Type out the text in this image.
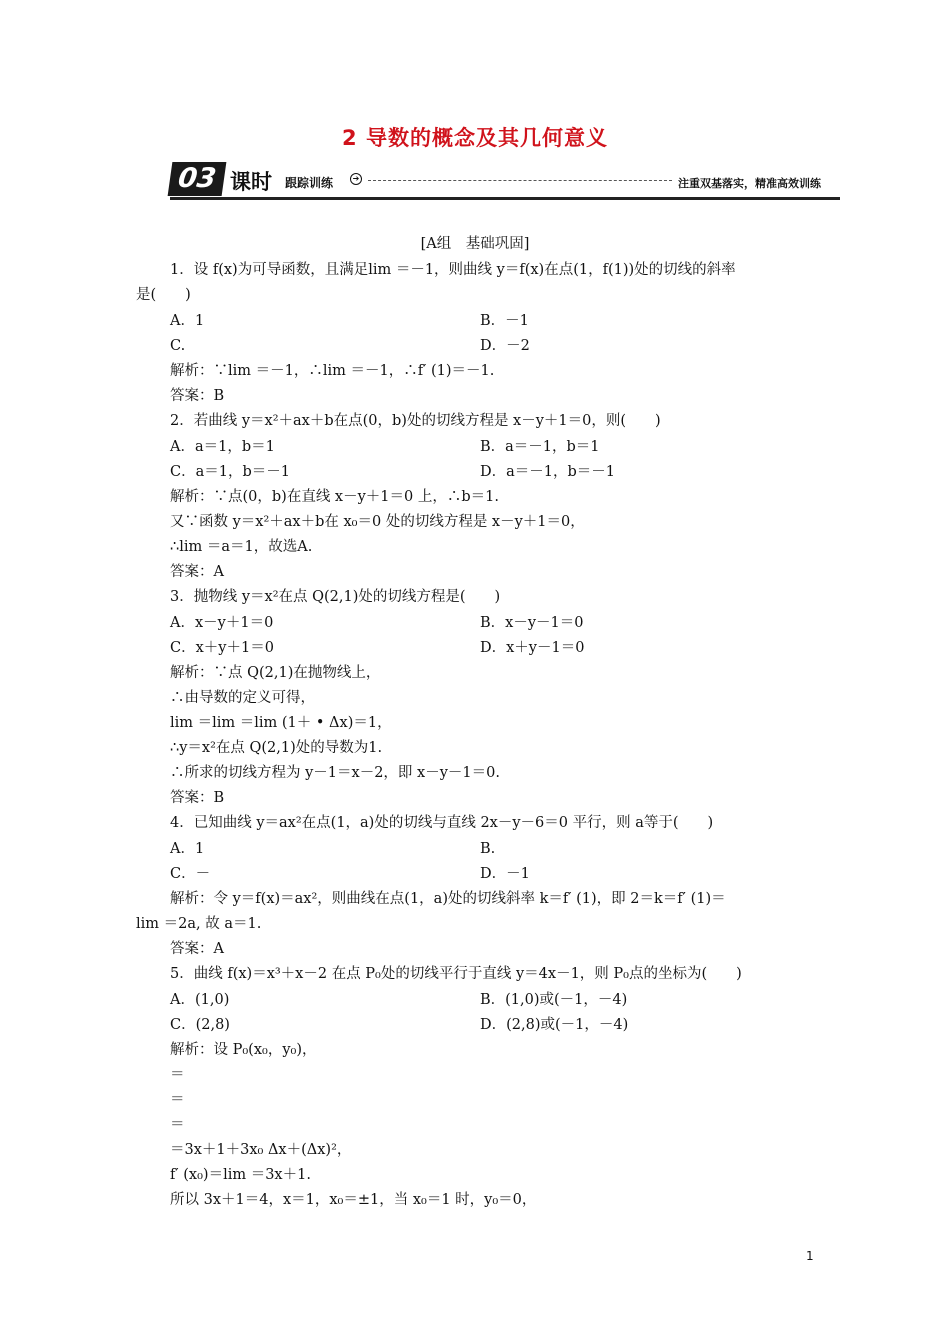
2 导数的概念及其几何意义
03 课时 跟踪训练	➔	注重双基落实，精准高效训练
[A组　基础巩固]
1．设 f(x)为可导函数，且满足lim ＝－1，则曲线 y＝f(x)在点(1，f(1))处的切线的斜率
是(　　)
A．1	B．－1
C.	D．－2
解析：∵lim ＝－1，∴lim ＝－1，∴f′ (1)＝－1.
答案：B
2．若曲线 y＝x²＋ax＋b在点(0，b)处的切线方程是 x－y＋1＝0，则(　　)
A．a＝1，b＝1	B．a＝－1，b＝1
C．a＝1，b＝－1	D．a＝－1，b＝－1
解析：∵点(0，b)在直线 x－y＋1＝0 上，∴b＝1.
又∵函数 y＝x²＋ax＋b在 x₀＝0 处的切线方程是 x－y＋1＝0，
∴lim ＝a＝1，故选A.
答案：A
3．抛物线 y＝x²在点 Q(2,1)处的切线方程是(　　)
A．x－y＋1＝0	B．x－y－1＝0
C．x＋y＋1＝0	D．x＋y－1＝0
解析：∵点 Q(2,1)在抛物线上，
∴由导数的定义可得，
lim ＝lim ＝lim (1＋ • Δx)＝1，
∴y＝x²在点 Q(2,1)处的导数为1.
∴所求的切线方程为 y－1＝x－2，即 x－y－1＝0.
答案：B
4．已知曲线 y＝ax²在点(1，a)处的切线与直线 2x－y－6＝0 平行，则 a等于(　　)
A．1	B.
C．－	D．－1
解析：令 y＝f(x)＝ax²，则曲线在点(1，a)处的切线斜率 k＝f′ (1)，即 2＝k＝f′ (1)＝
lim ＝2a, 故 a＝1.
答案：A
5．曲线 f(x)＝x³＋x－2 在点 P₀处的切线平行于直线 y＝4x－1，则 P₀点的坐标为(　　)
A．(1,0)	B．(1,0)或(－1，－4)
C．(2,8)	D．(2,8)或(－1，－4)
解析：设 P₀(x₀，y₀)，
＝
＝
＝
＝3x＋1＋3x₀ Δx＋(Δx)²，
f′ (x₀)＝lim ＝3x＋1.
所以 3x＋1＝4，x＝1，x₀＝±1，当 x₀＝1 时，y₀＝0，
1
